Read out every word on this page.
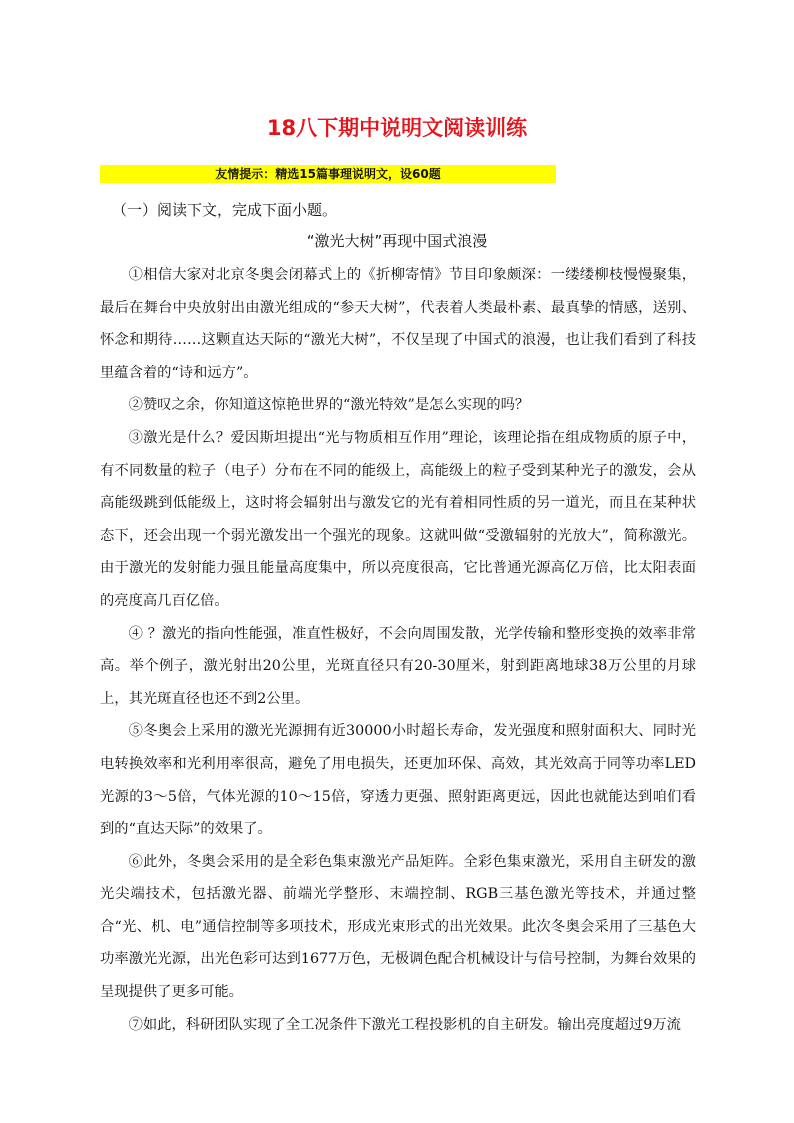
18八下期中说明文阅读训练
友情提示：精选15篇事理说明文，设60题
（一）阅读下文，完成下面小题。
“激光大树”再现中国式浪漫

①相信大家对北京冬奥会闭幕式上的《折柳寄情》节目印象颇深：一缕缕柳枝慢慢聚集，最后在舞台中央放射出由激光组成的“参天大树”，代表着人类最朴素、最真挚的情感，送别、怀念和期待……这颗直达天际的“激光大树”，不仅呈现了中国式的浪漫，也让我们看到了科技里蕴含着的“诗和远方”。

②赞叹之余，你知道这惊艳世界的“激光特效”是怎么实现的吗？

③激光是什么？爱因斯坦提出“光与物质相互作用”理论，该理论指在组成物质的原子中，有不同数量的粒子（电子）分布在不同的能级上，高能级上的粒子受到某种光子的激发，会从高能级跳到低能级上，这时将会辐射出与激发它的光有着相同性质的另一道光，而且在某种状态下，还会出现一个弱光激发出一个强光的现象。这就叫做“受激辐射的光放大”，简称激光。由于激光的发射能力强且能量高度集中，所以亮度很高，它比普通光源高亿万倍，比太阳表面的亮度高几百亿倍。

④ ？激光的指向性能强，准直性极好，不会向周围发散，光学传输和整形变换的效率非常高。举个例子，激光射出20公里，光斑直径只有20-30厘米，射到距离地球38万公里的月球上，其光斑直径也还不到2公里。

⑤冬奥会上采用的激光光源拥有近30000小时超长寿命，发光强度和照射面积大、同时光电转换效率和光利用率很高，避免了用电损失，还更加环保、高效，其光效高于同等功率LED光源的3～5倍，气体光源的10～15倍，穿透力更强、照射距离更远，因此也就能达到咱们看到的“直达天际”的效果了。

⑥此外，冬奥会采用的是全彩色集束激光产品矩阵。全彩色集束激光，采用自主研发的激光尖端技术，包括激光器、前端光学整形、末端控制、RGB三基色激光等技术，并通过整合“光、机、电”通信控制等多项技术，形成光束形式的出光效果。此次冬奥会采用了三基色大功率激光光源，出光色彩可达到1677万色，无极调色配合机械设计与信号控制，为舞台效果的呈现提供了更多可能。

⑦如此，科研团队实现了全工况条件下激光工程投影机的自主研发。输出亮度超过9万流
